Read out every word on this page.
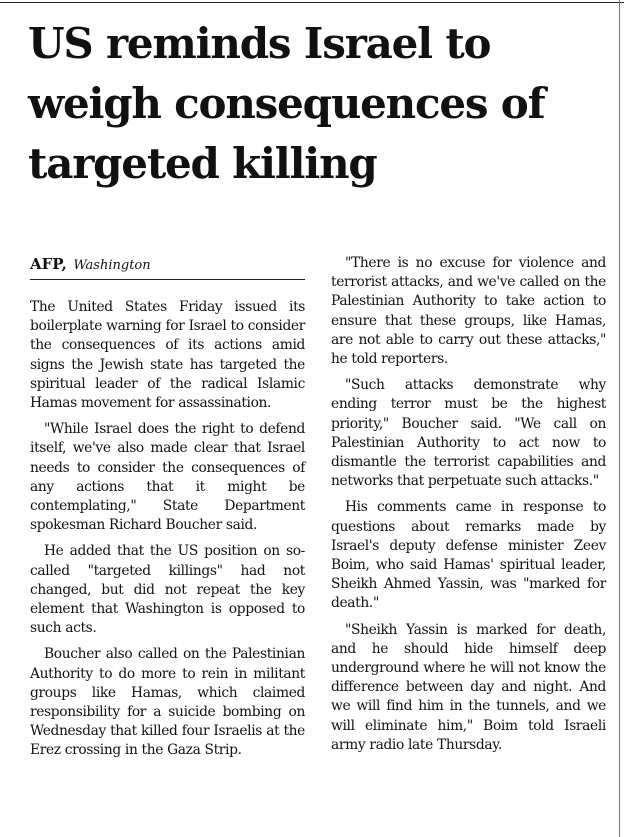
US reminds Israel to weigh consequences of targeted killing
AFP, Washington

The United States Friday issued its boilerplate warning for Israel to consider the consequences of its actions amid signs the Jewish state has targeted the spiritual leader of the radical Islamic Hamas movement for assassination.

"While Israel does the right to defend itself, we've also made clear that Israel needs to consider the consequences of any actions that it might be contemplating," State Department spokesman Richard Boucher said.

He added that the US position on so-called "targeted killings" had not changed, but did not repeat the key element that Washington is opposed to such acts.

Boucher also called on the Palestinian Authority to do more to rein in militant groups like Hamas, which claimed responsibility for a suicide bombing on Wednesday that killed four Israelis at the Erez crossing in the Gaza Strip.

"There is no excuse for violence and terrorist attacks, and we've called on the Palestinian Authority to take action to ensure that these groups, like Hamas, are not able to carry out these attacks," he told reporters.

"Such attacks demonstrate why ending terror must be the highest priority," Boucher said. "We call on Palestinian Authority to act now to dismantle the terrorist capabilities and networks that perpetuate such attacks."

His comments came in response to questions about remarks made by Israel's deputy defense minister Zeev Boim, who said Hamas' spiritual leader, Sheikh Ahmed Yassin, was "marked for death."

"Sheikh Yassin is marked for death, and he should hide himself deep underground where he will not know the difference between day and night. And we will find him in the tunnels, and we will eliminate him," Boim told Israeli army radio late Thursday.
